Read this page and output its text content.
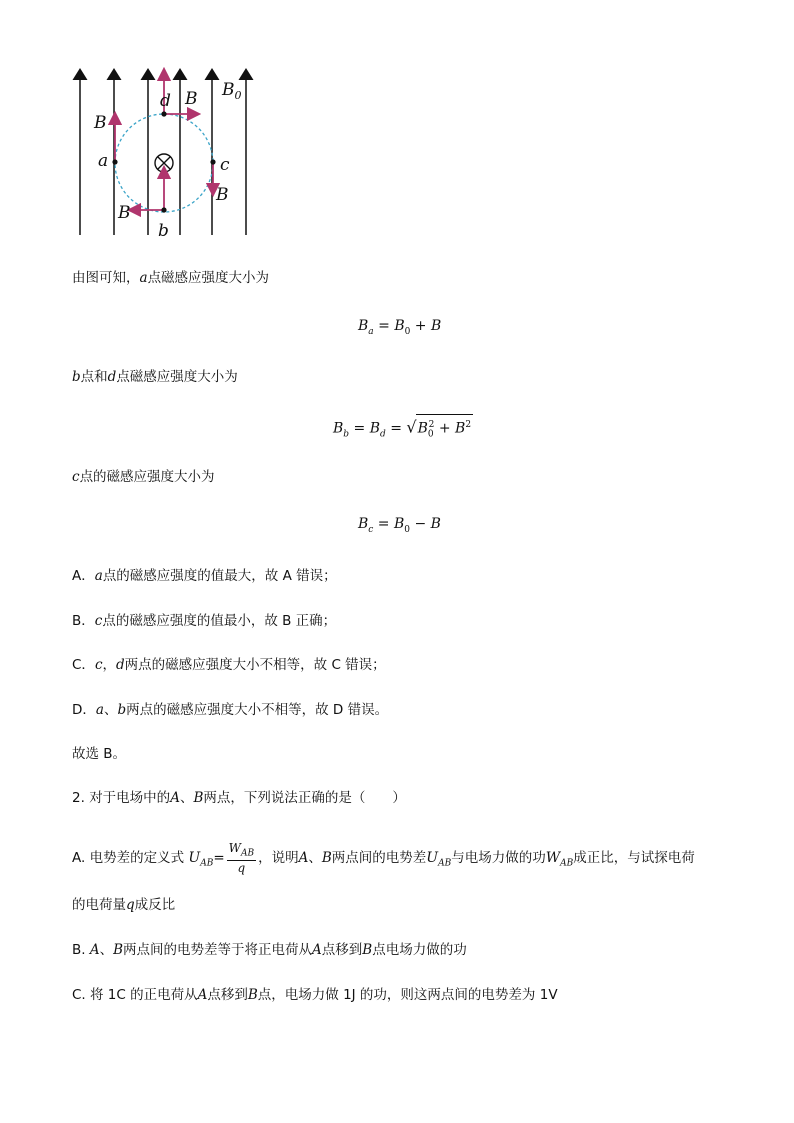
$B_0$
B
d
B
a	c
B
B
b
由图可知，a点磁感应强度大小为
$B_a = B_0 + B$
b点和d点磁感应强度大小为
$B_b = B_d = √B_0^2 + B^2$
c点的磁感应强度大小为
$B_c = B_0 - B$
A．a点的磁感应强度的值最大，故 A 错误；
B．c点的磁感应强度的值最小，故 B 正确；
C．c，d两点的磁感应强度大小不相等，故 C 错误；
D．a、b两点的磁感应强度大小不相等，故 D 错误。
故选 B。
2. 对于电场中的A、B两点，下列说法正确的是（　　）
A. 电势差的定义式 $U_{AB}= \frac{W_{AB}}{q}$ ，说明A、B两点间的电势差$U_{AB}$与电场力做的功$W_{AB}$成正比，与试探电荷
的电荷量q成反比
B. A、B两点间的电势差等于将正电荷从A点移到B点电场力做的功
C. 将 1C 的正电荷从A点移到B点，电场力做 1J 的功，则这两点间的电势差为 1V
